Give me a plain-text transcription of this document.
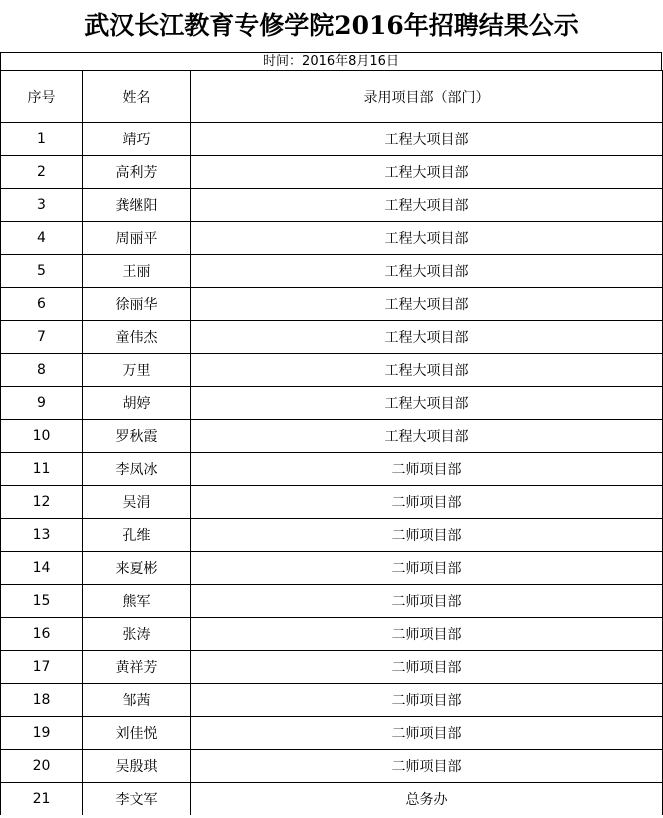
武汉长江教育专修学院2016年招聘结果公示
时间：2016年8月16日
序号	姓名	录用项目部（部门）
1	靖巧	工程大项目部
2	高利芳	工程大项目部
3	龚继阳	工程大项目部
4	周丽平	工程大项目部
5	王丽	工程大项目部
6	徐丽华	工程大项目部
7	童伟杰	工程大项目部
8	万里	工程大项目部
9	胡婷	工程大项目部
10	罗秋霞	工程大项目部
11	李凤冰	二师项目部
12	吴涓	二师项目部
13	孔维	二师项目部
14	来夏彬	二师项目部
15	熊军	二师项目部
16	张涛	二师项目部
17	黄祥芳	二师项目部
18	邹茜	二师项目部
19	刘佳悦	二师项目部
20	吴殷琪	二师项目部
21	李文军	总务办
